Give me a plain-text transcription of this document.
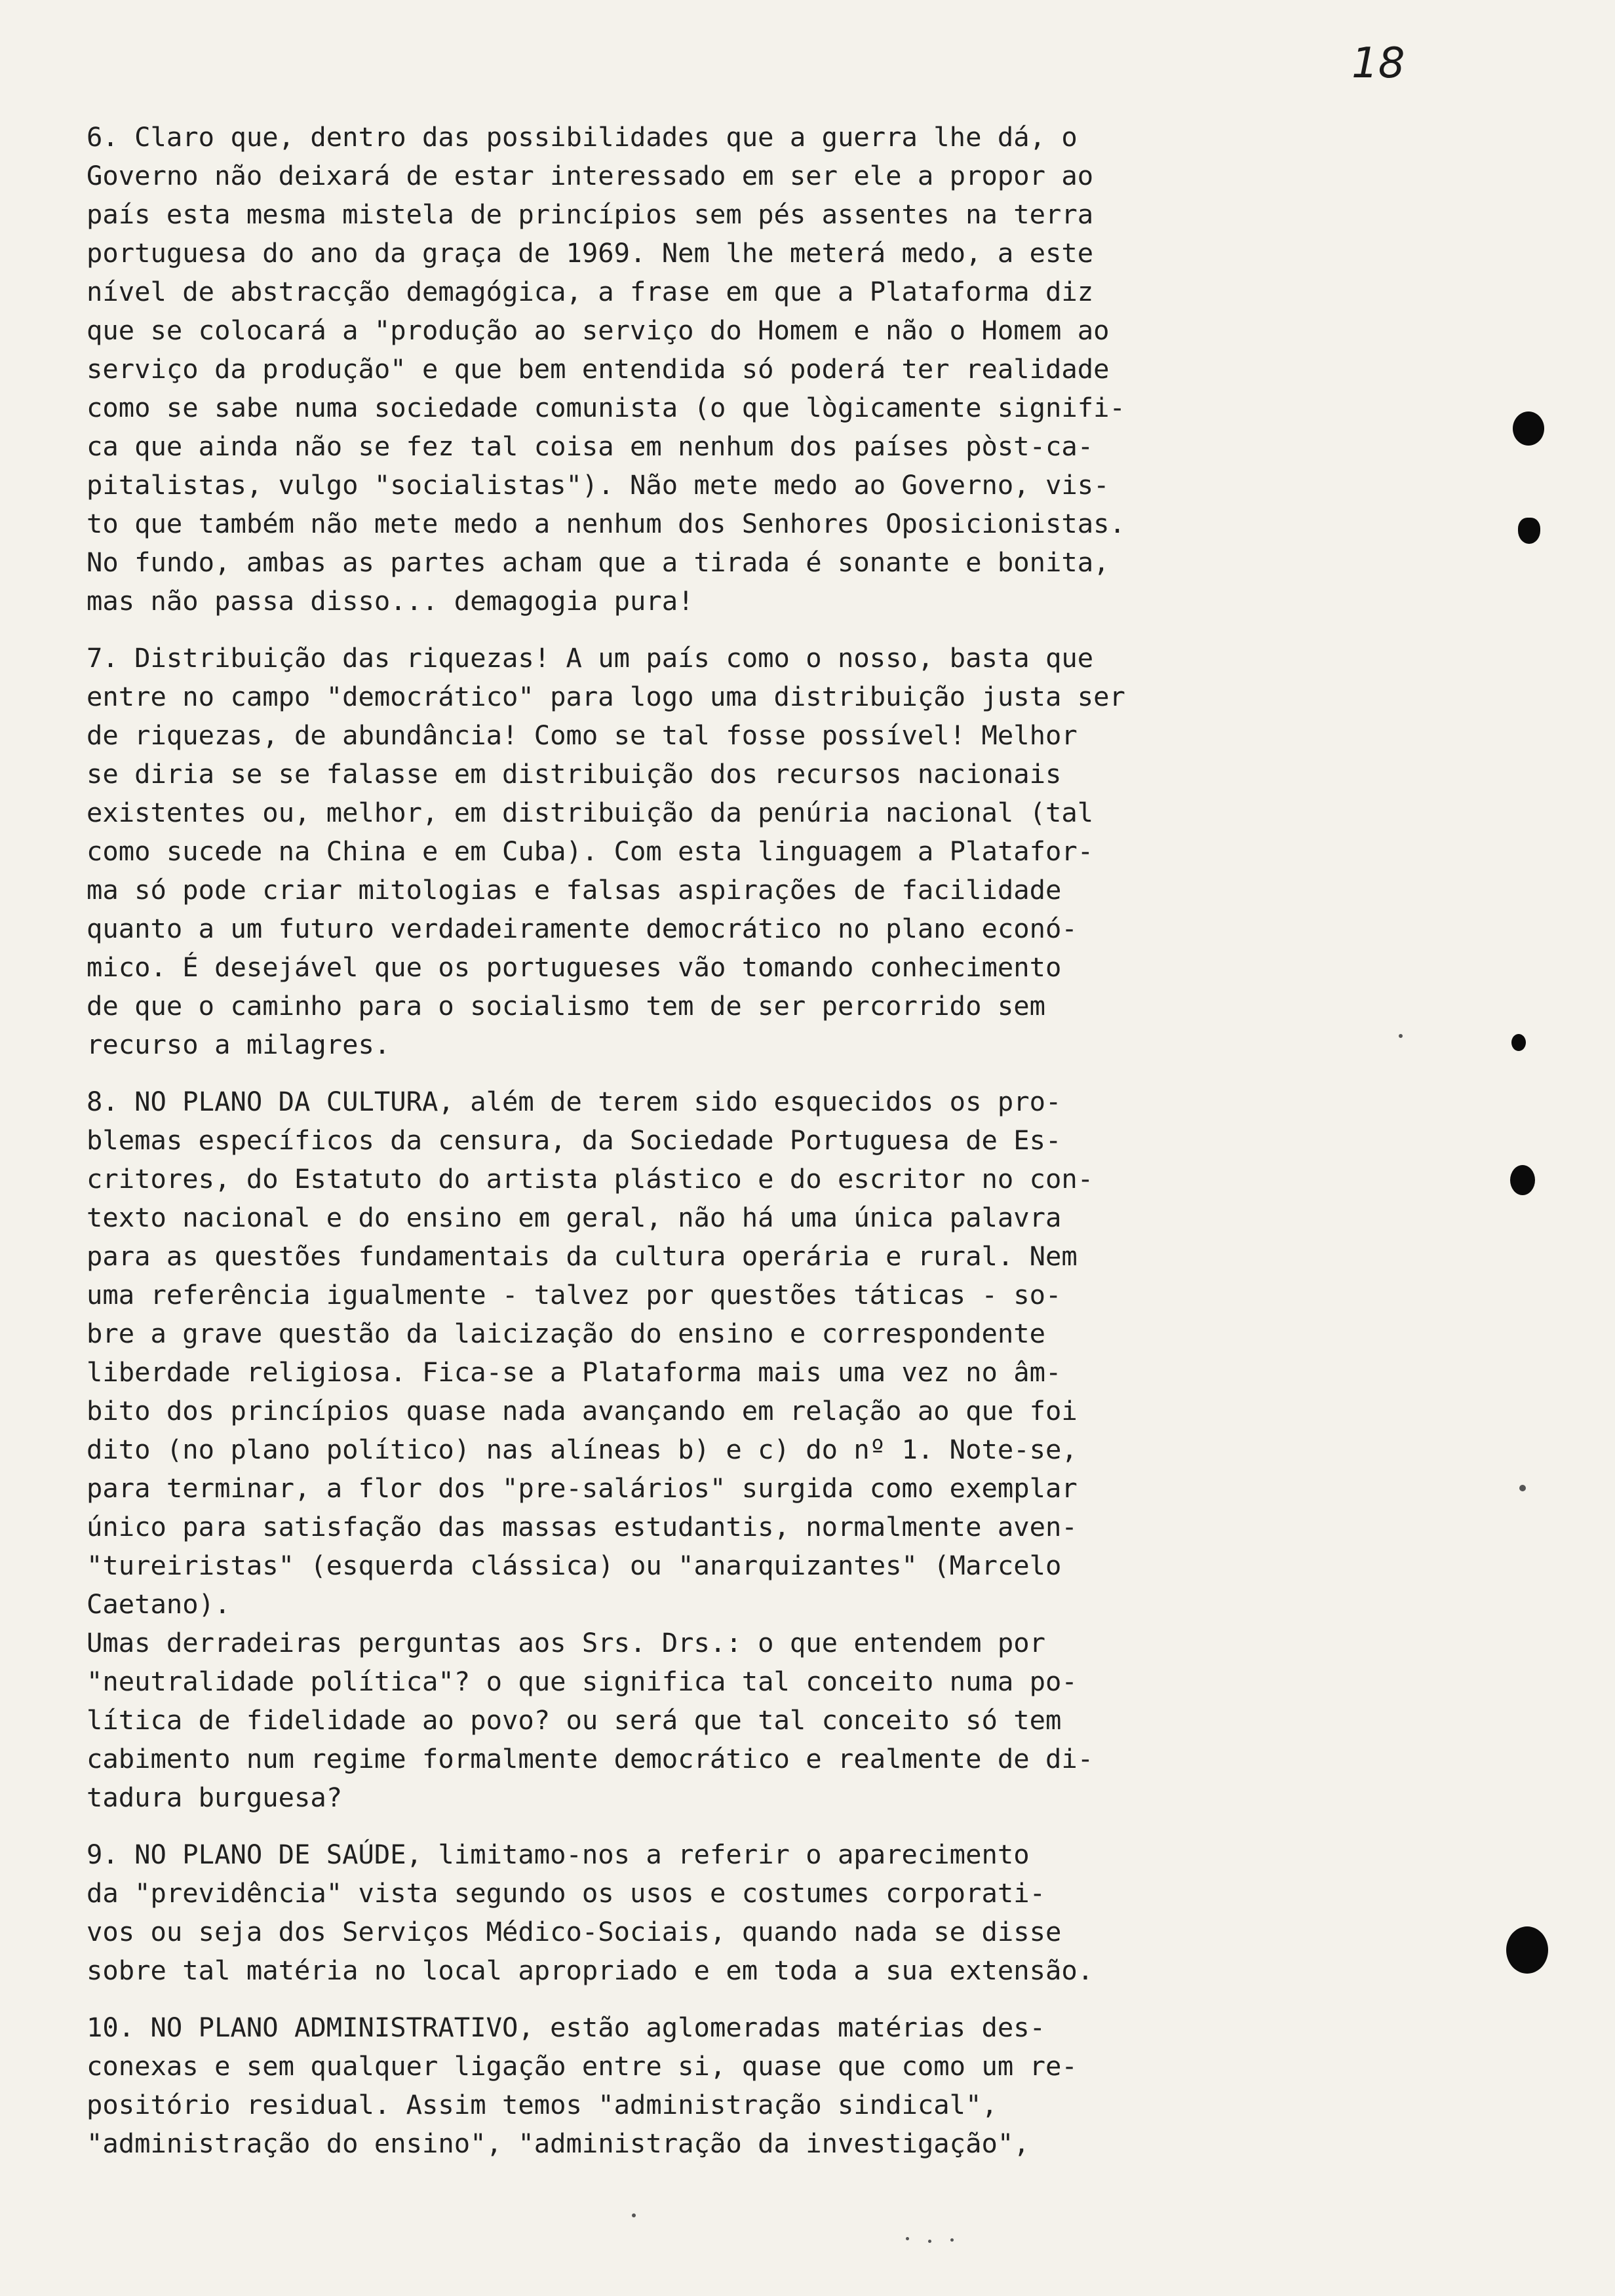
18
6. Claro que, dentro das possibilidades que a guerra lhe dá, o
Governo não deixará de estar interessado em ser ele a propor ao
país esta mesma mistela de princípios sem pés assentes na terra
portuguesa do ano da graça de 1969. Nem lhe meterá medo, a este
nível de abstracção demagógica, a frase em que a Plataforma diz
que se colocará a "produção ao serviço do Homem e não o Homem ao
serviço da produção" e que bem entendida só poderá ter realidade
como se sabe numa sociedade comunista (o que lògicamente signifi-
ca que ainda não se fez tal coisa em nenhum dos países pòst-ca-
pitalistas, vulgo "socialistas"). Não mete medo ao Governo, vis-
to que também não mete medo a nenhum dos Senhores Oposicionistas.
No fundo, ambas as partes acham que a tirada é sonante e bonita,
mas não passa disso... demagogia pura!
7. Distribuição das riquezas! A um país como o nosso, basta que
entre no campo "democrático" para logo uma distribuição justa ser
de riquezas, de abundância! Como se tal fosse possível! Melhor
se diria se se falasse em distribuição dos recursos nacionais
existentes ou, melhor, em distribuição da penúria nacional (tal
como sucede na China e em Cuba). Com esta linguagem a Platafor-
ma só pode criar mitologias e falsas aspirações de facilidade
quanto a um futuro verdadeiramente democrático no plano econó-
mico. É desejável que os portugueses vão tomando conhecimento
de que o caminho para o socialismo tem de ser percorrido sem
recurso a milagres.
8. NO PLANO DA CULTURA, além de terem sido esquecidos os pro-
blemas específicos da censura, da Sociedade Portuguesa de Es-
critores, do Estatuto do artista plástico e do escritor no con-
texto nacional e do ensino em geral, não há uma única palavra
para as questões fundamentais da cultura operária e rural. Nem
uma referência igualmente - talvez por questões táticas - so-
bre a grave questão da laicização do ensino e correspondente
liberdade religiosa. Fica-se a Plataforma mais uma vez no âm-
bito dos princípios quase nada avançando em relação ao que foi
dito (no plano político) nas alíneas b) e c) do nº 1. Note-se,
para terminar, a flor dos "pre-salários" surgida como exemplar
único para satisfação das massas estudantis, normalmente aven-
"tureiristas" (esquerda clássica) ou "anarquizantes" (Marcelo
Caetano).
Umas derradeiras perguntas aos Srs. Drs.: o que entendem por
"neutralidade política"? o que significa tal conceito numa po-
lítica de fidelidade ao povo? ou será que tal conceito só tem
cabimento num regime formalmente democrático e realmente de di-
tadura burguesa?
9. NO PLANO DE SAÚDE, limitamo-nos a referir o aparecimento
da "previdência" vista segundo os usos e costumes corporati-
vos ou seja dos Serviços Médico-Sociais, quando nada se disse
sobre tal matéria no local apropriado e em toda a sua extensão.
10. NO PLANO ADMINISTRATIVO, estão aglomeradas matérias des-
conexas e sem qualquer ligação entre si, quase que como um re-
positório residual. Assim temos "administração sindical",
"administração do ensino", "administração da investigação",
